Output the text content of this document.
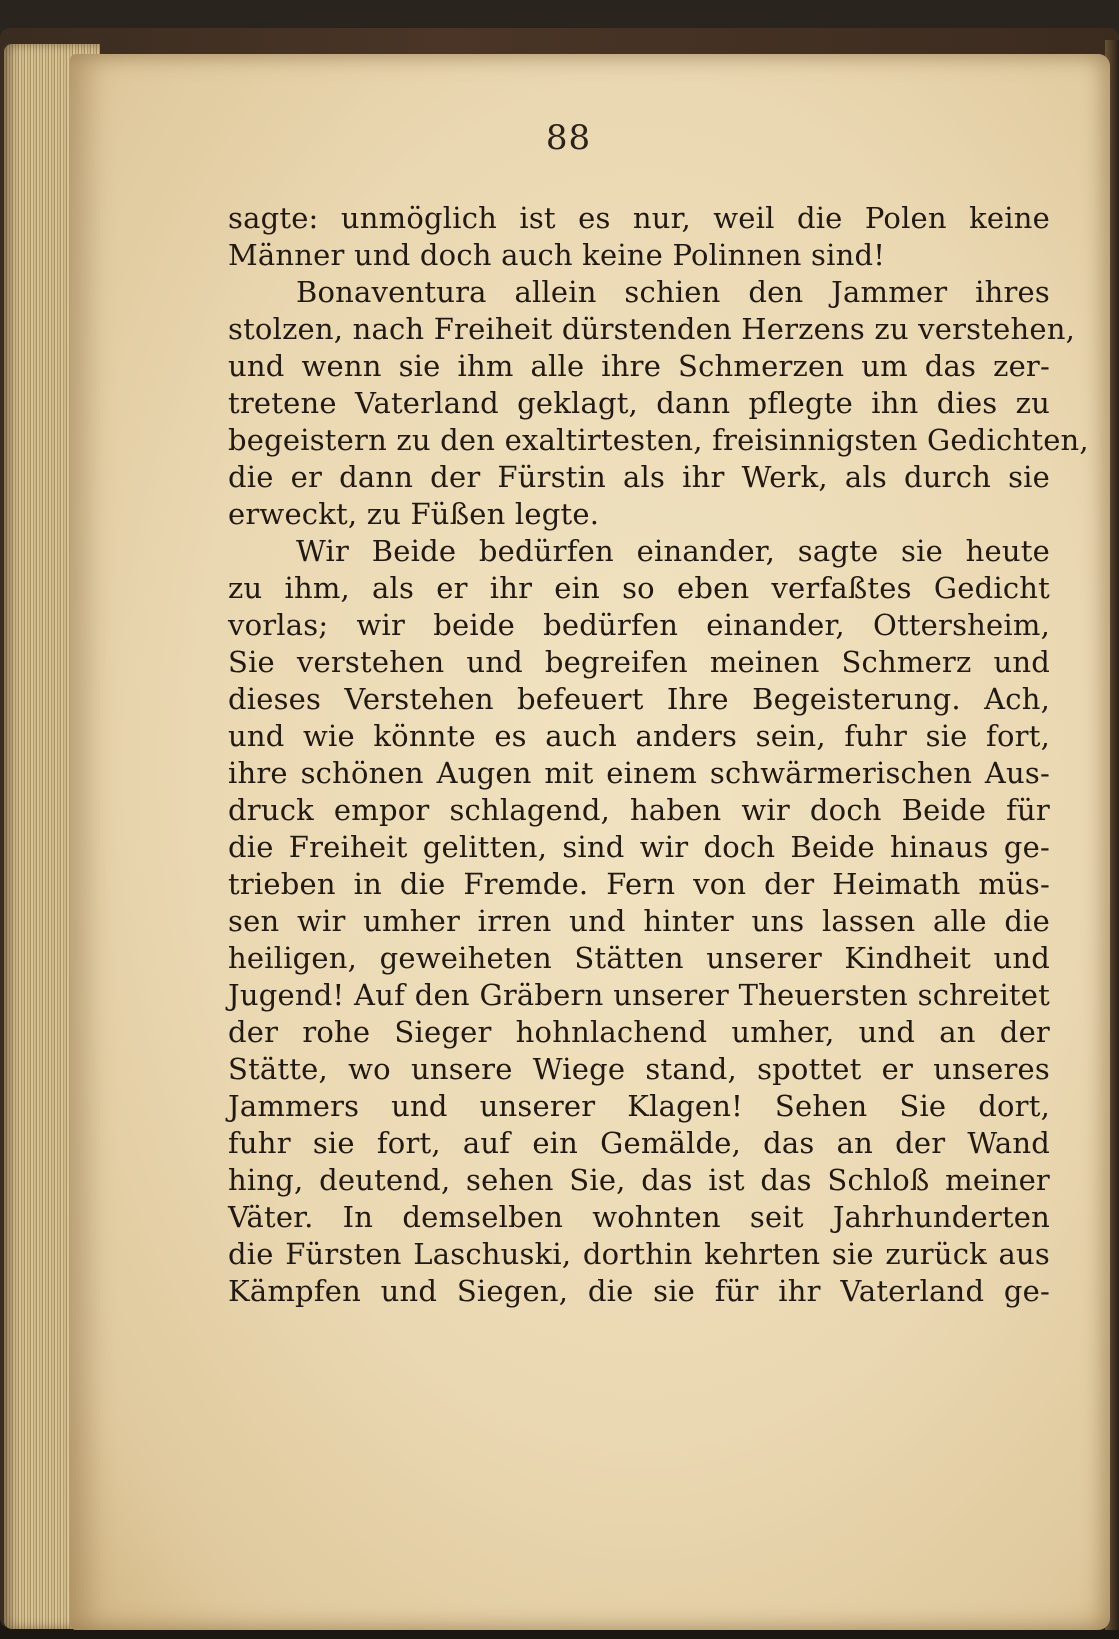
88
sagte: unmöglich ist es nur, weil die Polen keine
Männer und doch auch keine Polinnen sind!
Bonaventura allein schien den Jammer ihres
stolzen, nach Freiheit dürstenden Herzens zu verstehen,
und wenn sie ihm alle ihre Schmerzen um das zer-
tretene Vaterland geklagt, dann pflegte ihn dies zu
begeistern zu den exaltirtesten, freisinnigsten Gedichten,
die er dann der Fürstin als ihr Werk, als durch sie
erweckt, zu Füßen legte.
Wir Beide bedürfen einander, sagte sie heute
zu ihm, als er ihr ein so eben verfaßtes Gedicht
vorlas; wir beide bedürfen einander, Ottersheim,
Sie verstehen und begreifen meinen Schmerz und
dieses Verstehen befeuert Ihre Begeisterung. Ach,
und wie könnte es auch anders sein, fuhr sie fort,
ihre schönen Augen mit einem schwärmerischen Aus-
druck empor schlagend, haben wir doch Beide für
die Freiheit gelitten, sind wir doch Beide hinaus ge-
trieben in die Fremde. Fern von der Heimath müs-
sen wir umher irren und hinter uns lassen alle die
heiligen, geweiheten Stätten unserer Kindheit und
Jugend! Auf den Gräbern unserer Theuersten schreitet
der rohe Sieger hohnlachend umher, und an der
Stätte, wo unsere Wiege stand, spottet er unseres
Jammers und unserer Klagen! Sehen Sie dort,
fuhr sie fort, auf ein Gemälde, das an der Wand
hing, deutend, sehen Sie, das ist das Schloß meiner
Väter. In demselben wohnten seit Jahrhunderten
die Fürsten Laschuski, dorthin kehrten sie zurück aus
Kämpfen und Siegen, die sie für ihr Vaterland ge-
